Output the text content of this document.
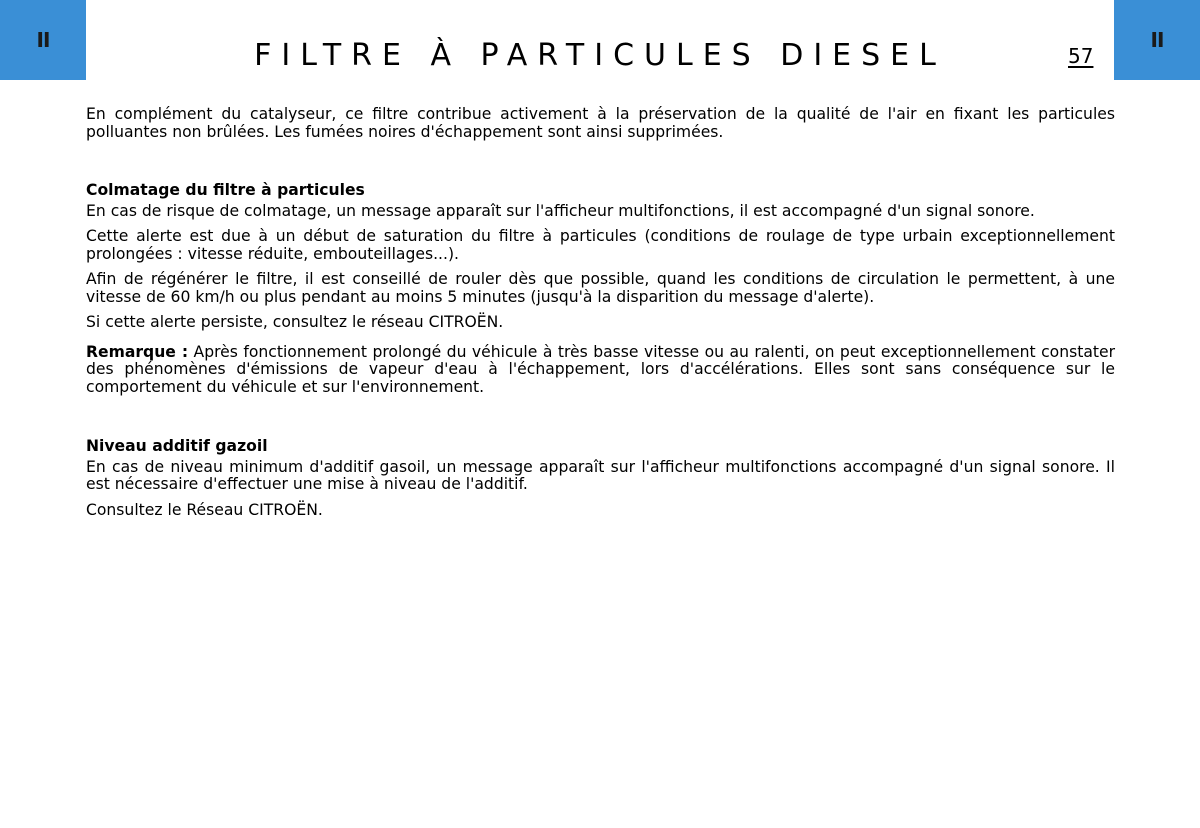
II	FILTRE À PARTICULES DIESEL	57
II

En complément du catalyseur, ce filtre contribue activement à la préservation de la qualité de l'air en fixant les particules polluantes non brûlées. Les fumées noires d'échappement sont ainsi supprimées.

Colmatage du filtre à particules

En cas de risque de colmatage, un message apparaît sur l'afficheur multifonctions, il est accompagné d'un signal sonore.

Cette alerte est due à un début de saturation du filtre à particules (conditions de roulage de type urbain exceptionnellement prolongées : vitesse réduite, embouteillages...).

Afin de régénérer le filtre, il est conseillé de rouler dès que possible, quand les conditions de circulation le permettent, à une vitesse de 60 km/h ou plus pendant au moins 5 minutes (jusqu'à la disparition du message d'alerte).

Si cette alerte persiste, consultez le réseau CITROËN.

Remarque : Après fonctionnement prolongé du véhicule à très basse vitesse ou au ralenti, on peut exceptionnellement constater des phénomènes d'émissions de vapeur d'eau à l'échappement, lors d'accélérations. Elles sont sans conséquence sur le comportement du véhicule et sur l'environnement.

Niveau additif gazoil

En cas de niveau minimum d'additif gasoil, un message apparaît sur l'afficheur multifonctions accompagné d'un signal sonore. Il est nécessaire d'effectuer une mise à niveau de l'additif.

Consultez le Réseau CITROËN.
